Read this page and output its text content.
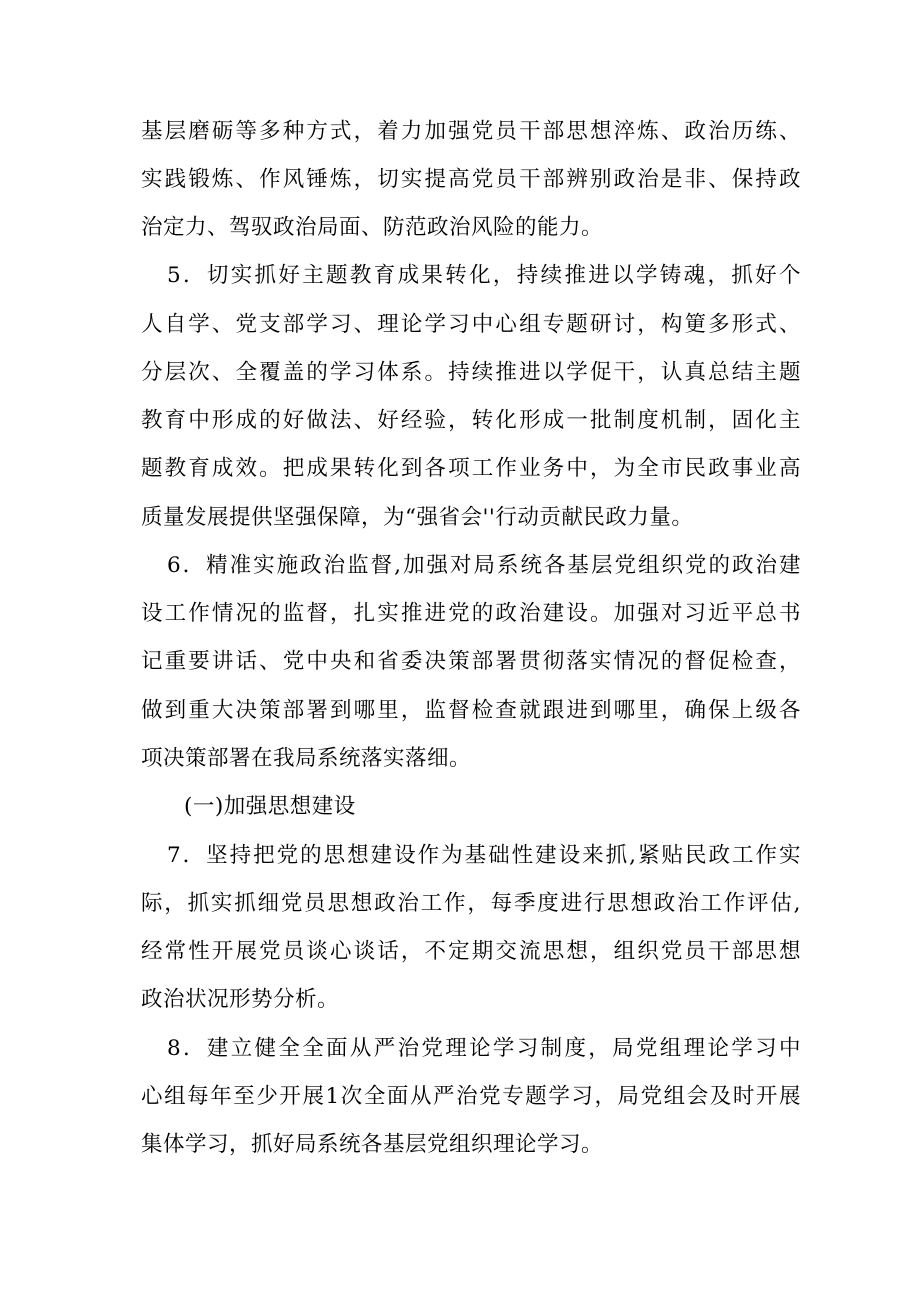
基层磨砺等多种方式，着力加强党员干部思想淬炼、政治历练、
实践锻炼、作风锤炼，切实提高党员干部辨别政治是非、保持政
治定力、驾驭政治局面、防范政治风险的能力。
5．切实抓好主题教育成果转化，持续推进以学铸魂，抓好个
人自学、党支部学习、理论学习中心组专题研讨，构筻多形式、
分层次、全覆盖的学习体系。持续推进以学促干，认真总结主题
教育中形成的好做法、好经验，转化形成一批制度机制，固化主
题教育成效。把成果转化到各项工作业务中，为全市民政事业高
质量发展提供坚强保障，为“强省会''行动贡献民政力量。
6．精准实施政治监督,加强对局系统各基层党组织党的政治建
设工作情况的监督，扎实推进党的政治建设。加强对习近平总书
记重要讲话、党中央和省委决策部署贯彻落实情况的督促检查，
做到重大决策部署到哪里，监督检查就跟进到哪里，确保上级各
项决策部署在我局系统落实落细。
(一)加强思想建设
7．坚持把党的思想建设作为基础性建设来抓,紧贴民政工作实
际，抓实抓细党员思想政治工作，每季度进行思想政治工作评估,
经常性开展党员谈心谈话，不定期交流思想，组织党员干部思想
政治状况形势分析。
8．建立健全全面从严治党理论学习制度，局党组理论学习中
心组每年至少开展1次全面从严治党专题学习，局党组会及时开展
集体学习，抓好局系统各基层党组织理论学习。
